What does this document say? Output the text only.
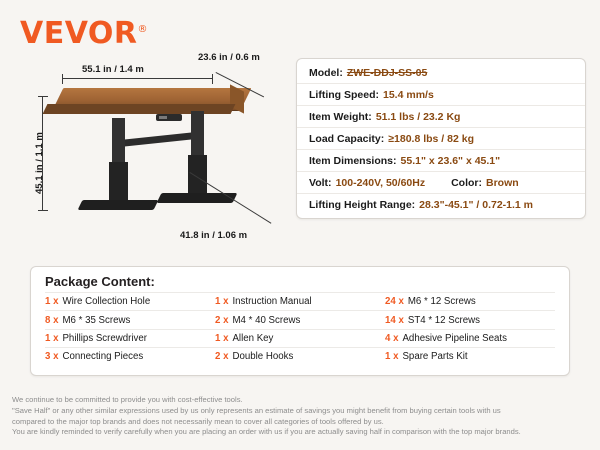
VEVOR®
55.1 in / 1.4 m
23.6 in / 0.6 m
45.1 in / 1.1 m
41.8 in / 1.06 m
Model: ZWE-DDJ-SS-05
Lifting Speed: 15.4 mm/s
Item Weight: 51.1 lbs / 23.2 Kg
Load Capacity: ≥180.8 lbs / 82 kg
Item Dimensions: 55.1" x 23.6" x 45.1"
Volt: 100-240V, 50/60Hz Color: Brown
Lifting Height Range: 28.3"-45.1" / 0.72-1.1 m
Package Content:
1 x Wire Collection Hole	1 x Instruction Manual	24 x M6 * 12 Screws
8 x M6 * 35 Screws	2 x M4 * 40 Screws	14 x ST4 * 12 Screws
1 x Phillips Screwdriver	1 x Allen Key	4 x Adhesive Pipeline Seats
3 x Connecting Pieces	2 x Double Hooks	1 x Spare Parts Kit
We continue to be committed to provide you with cost-effective tools.
"Save Half" or any other similar expressions used by us only represents an estimate of savings you might benefit from buying certain tools with us
compared to the major top brands and does not necessarily mean to cover all categories of tools offered by us.
You are kindly reminded to verify carefully when you are placing an order with us if you are actually saving half in comparison with the top major brands.
